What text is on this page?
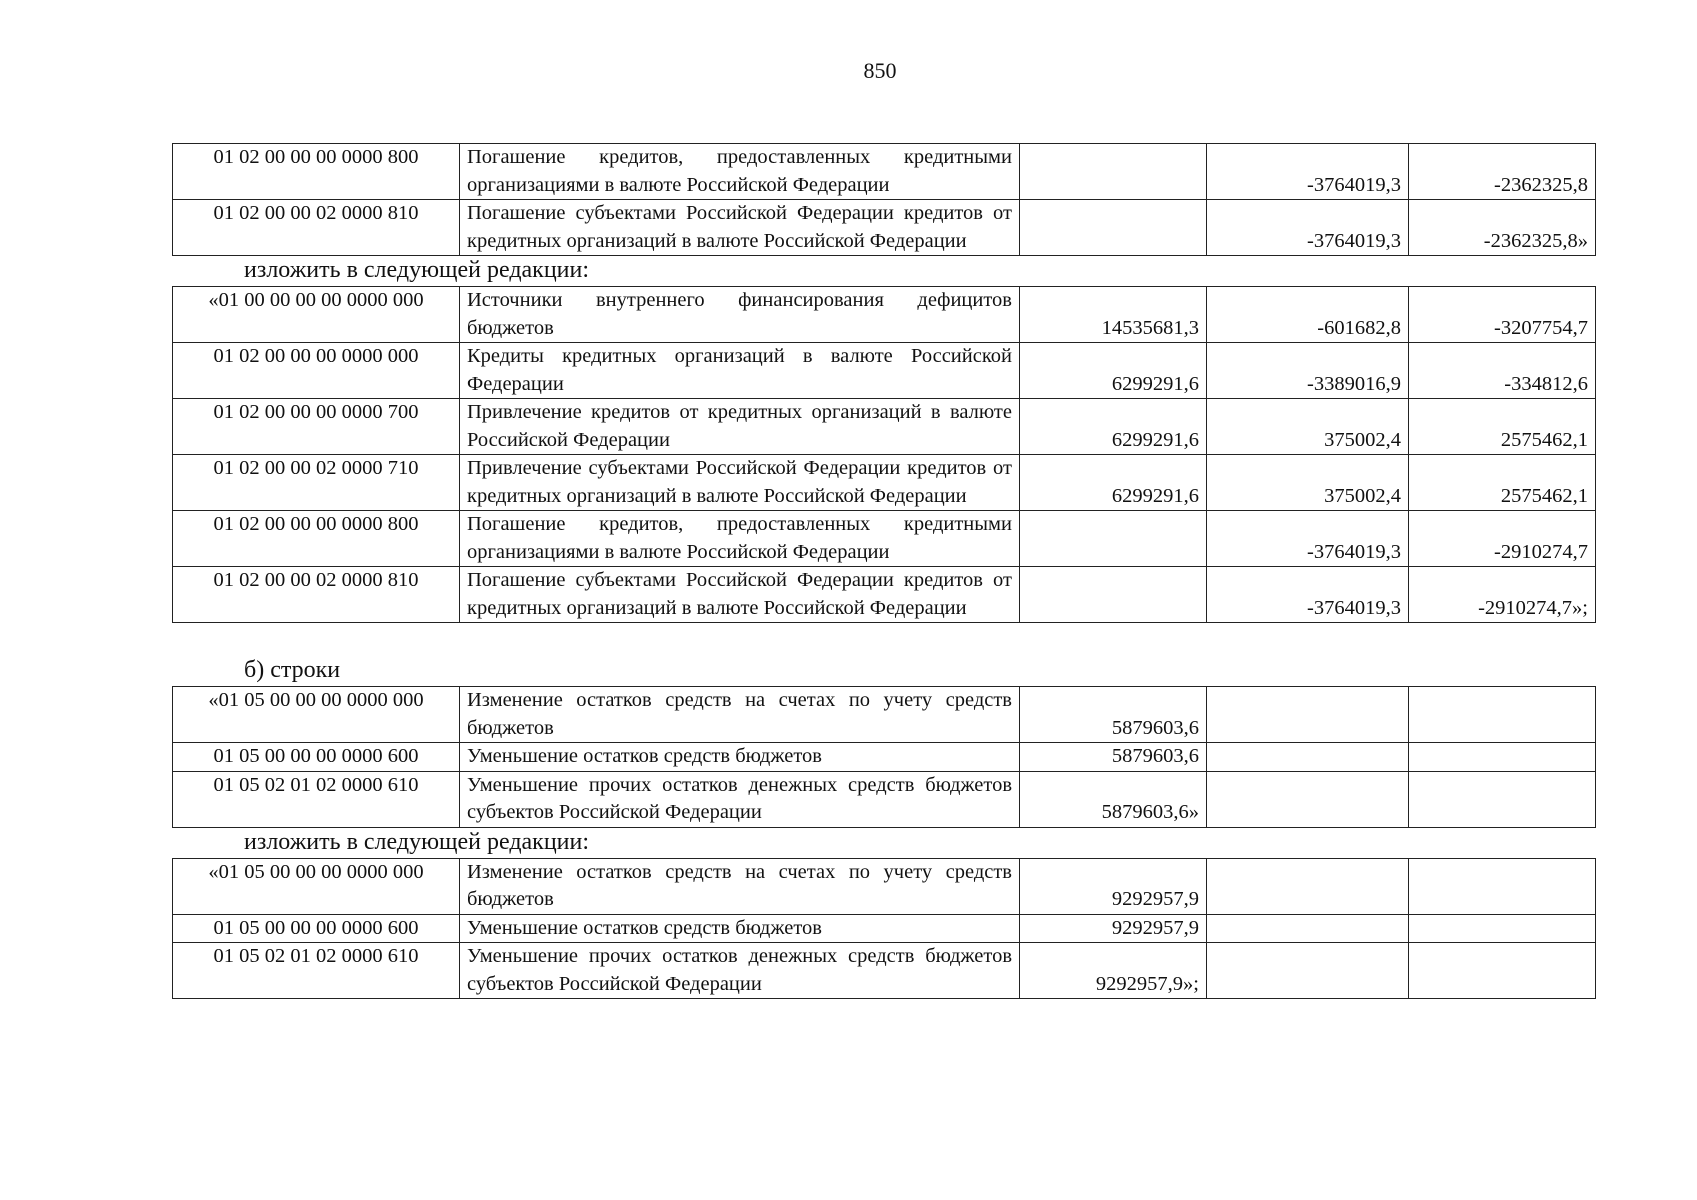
850
01 02 00 00 00 0000 800	Погашение кредитов, предоставленных кредитными организациями в валюте Российской Федерации		-3764019,3	-2362325,8
01 02 00 00 02 0000 810	Погашение субъектами Российской Федерации кредитов от кредитных организаций в валюте Российской Федерации		-3764019,3	-2362325,8»
изложить в следующей редакции:
«01 00 00 00 00 0000 000	Источники внутреннего финансирования дефицитов бюджетов	14535681,3	-601682,8	-3207754,7
01 02 00 00 00 0000 000	Кредиты кредитных организаций в валюте Российской Федерации	6299291,6	-3389016,9	-334812,6
01 02 00 00 00 0000 700	Привлечение кредитов от кредитных организаций в валюте Российской Федерации	6299291,6	375002,4	2575462,1
01 02 00 00 02 0000 710	Привлечение субъектами Российской Федерации кредитов от кредитных организаций в валюте Российской Федерации	6299291,6	375002,4	2575462,1
01 02 00 00 00 0000 800	Погашение кредитов, предоставленных кредитными организациями в валюте Российской Федерации		-3764019,3	-2910274,7
01 02 00 00 02 0000 810	Погашение субъектами Российской Федерации кредитов от кредитных организаций в валюте Российской Федерации		-3764019,3	-2910274,7»;
б) строки
«01 05 00 00 00 0000 000	Изменение остатков средств на счетах по учету средств бюджетов	5879603,6		
01 05 00 00 00 0000 600	Уменьшение остатков средств бюджетов	5879603,6		
01 05 02 01 02 0000 610	Уменьшение прочих остатков денежных средств бюджетов субъектов Российской Федерации	5879603,6»		
изложить в следующей редакции:
«01 05 00 00 00 0000 000	Изменение остатков средств на счетах по учету средств бюджетов	9292957,9		
01 05 00 00 00 0000 600	Уменьшение остатков средств бюджетов	9292957,9		
01 05 02 01 02 0000 610	Уменьшение прочих остатков денежных средств бюджетов субъектов Российской Федерации	9292957,9»;		
